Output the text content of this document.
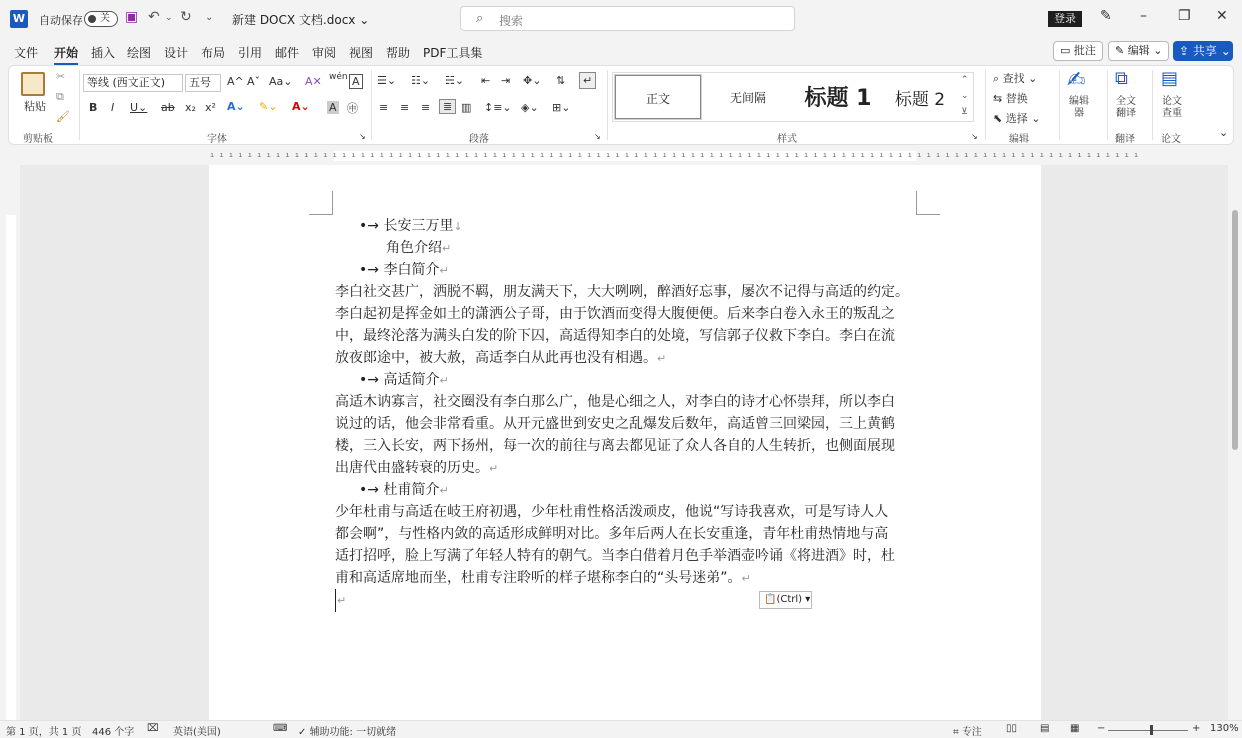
W 自动保存 关 ▣ ↶ ⌄ ↻ ⌄ 新建 DOCX 文档.docx ⌄	⌕ 搜索	登录	✎ – ❐ ✕
文件 开始 插入 绘图 设计 布局 引用 邮件 审阅 视图 帮助 PDF工具集	▭ 批注	✎ 编辑 ⌄	⇪ 共享 ⌄
粘贴
✂
⧉
🖌
剪贴板
等线 (西文正文)	五号	A^ Aˇ Aa⌄ A✕ wén A
B I U⌄ ab x₂ x² A⌄ ✎⌄ A⌄ A ㊥
字体	↘
☰⌄ ☷⌄ ☵⌄ ⇤ ⇥ ✥⌄ ⇅	↵
≡ ≡ ≡	≣ ▥ ↕≡⌄ ◈⌄ ⊞⌄
段落	↘
正文	无间隔	标题 1	标题 2
⌃
⌄
⊻
样式	↘
⌕ 查找 ⌄
⇆ 替换
⬉ 选择 ⌄
编辑
✍
编辑器
⧉
全文翻译
翻译
▤
论文查重
论文
⌄
ı ı ı ı ı ı ı ı ı ı ı ı ı ı ı ı ı ı ı ı ı ı ı ı ı ı ı ı ı ı ı ı ı ı ı ı ı ı ı ı ı ı ı ı ı ı ı ı ı ı ı ı ı ı ı ı ı ı ı ı ı ı ı ı ı ı ı ı ı ı ı ı ı ı ı ı ı ı ı ı ı ı ı ı ı ı ı ı ı ı ı ı ı ı ı ı ı ı ı
•→ 长安三万里↓
角色介绍↵
•→ 李白简介↵
李白社交甚广，洒脱不羁，朋友满天下，大大咧咧，醉酒好忘事，屡次不记得与高适的约定。
李白起初是挥金如土的潇洒公子哥，由于饮酒而变得大腹便便。后来李白卷入永王的叛乱之
中，最终沦落为满头白发的阶下囚，高适得知李白的处境，写信郭子仪救下李白。李白在流
放夜郎途中，被大赦，高适李白从此再也没有相遇。↵
•→ 高适简介↵
高适木讷寡言，社交圈没有李白那么广，他是心细之人，对李白的诗才心怀崇拜，所以李白
说过的话，他会非常看重。从开元盛世到安史之乱爆发后数年，高适曾三回梁园，三上黄鹤
楼，三入长安，两下扬州，每一次的前往与离去都见证了众人各自的人生转折，也侧面展现
出唐代由盛转衰的历史。↵
•→ 杜甫简介↵
少年杜甫与高适在岐王府初遇，少年杜甫性格活泼顽皮，他说“写诗我喜欢，可是写诗人人
都会啊”，与性格内敛的高适形成鲜明对比。多年后两人在长安重逢，青年杜甫热情地与高
适打招呼，脸上写满了年轻人特有的朝气。当李白借着月色手举酒壶吟诵《将进酒》时，杜
甫和高适席地而坐，杜甫专注聆听的样子堪称李白的“头号迷弟”。↵
↵	📋(Ctrl) ▾
第 1 页，共 1 页 446 个字 ⌧ 英语(美国)	⌨ ✓ 辅助功能: 一切就绪	⌗ 专注 ▯▯ ▤ ▦ −	+ 130%
